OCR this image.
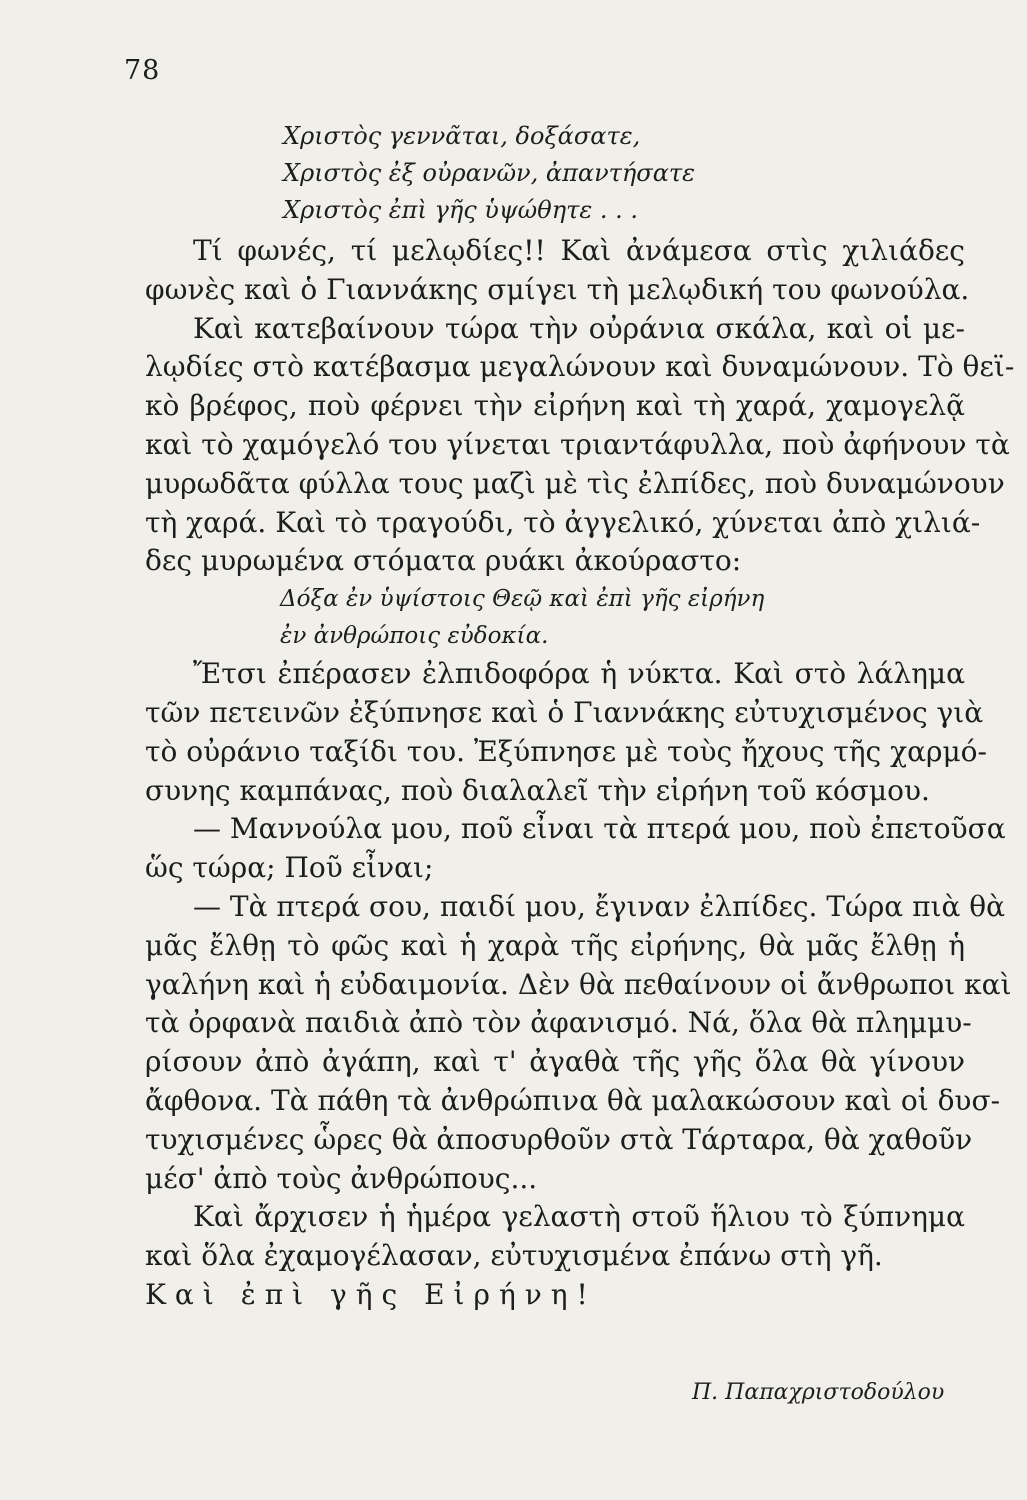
78
Χριστὸς γεννᾶται, δοξάσατε,
Χριστὸς ἐξ οὐρανῶν, ἀπαντήσατε
Χριστὸς ἐπὶ γῆς ὑψώθητε . . .
Τί φωνές, τί μελῳδίες!! Καὶ ἀνάμεσα στὶς χιλιάδες
φωνὲς καὶ ὁ Γιαννάκης σμίγει τὴ μελῳδική του φωνούλα.
Καὶ κατεβαίνουν τώρα τὴν οὐράνια σκάλα, καὶ οἱ με-
λῳδίες στὸ κατέβασμα μεγαλώνουν καὶ δυναμώνουν. Τὸ θεϊ-
κὸ βρέφος, ποὺ φέρνει τὴν εἰρήνη καὶ τὴ χαρά, χαμογελᾷ
καὶ τὸ χαμόγελό του γίνεται τριαντάφυλλα, ποὺ ἀφήνουν τὰ
μυρωδᾶτα φύλλα τους μαζὶ μὲ τὶς ἐλπίδες, ποὺ δυναμώνουν
τὴ χαρά. Καὶ τὸ τραγούδι, τὸ ἀγγελικό, χύνεται ἀπὸ χιλιά-
δες μυρωμένα στόματα ρυάκι ἀκούραστο:
Δόξα ἐν ὑψίστοις Θεῷ καὶ ἐπὶ γῆς εἰρήνη
ἐν ἀνθρώποις εὐδοκία.
Ἔτσι ἐπέρασεν ἐλπιδοφόρα ἡ νύκτα. Καὶ στὸ λάλημα
τῶν πετεινῶν ἐξύπνησε καὶ ὁ Γιαννάκης εὐτυχισμένος γιὰ
τὸ οὐράνιο ταξίδι του. Ἐξύπνησε μὲ τοὺς ἤχους τῆς χαρμό-
συνης καμπάνας, ποὺ διαλαλεῖ τὴν εἰρήνη τοῦ κόσμου.
— Μαννούλα μου, ποῦ εἶναι τὰ πτερά μου, ποὺ ἐπετοῦσα
ὥς τώρα; Ποῦ εἶναι;
— Τὰ πτερά σου, παιδί μου, ἔγιναν ἐλπίδες. Τώρα πιὰ θὰ
μᾶς ἔλθῃ τὸ φῶς καὶ ἡ χαρὰ τῆς εἰρήνης, θὰ μᾶς ἔλθῃ ἡ
γαλήνη καὶ ἡ εὐδαιμονία. Δὲν θὰ πεθαίνουν οἱ ἄνθρωποι καὶ
τὰ ὀρφανὰ παιδιὰ ἀπὸ τὸν ἀφανισμό. Νά, ὅλα θὰ πλημμυ-
ρίσουν ἀπὸ ἀγάπη, καὶ τ' ἀγαθὰ τῆς γῆς ὅλα θὰ γίνουν
ἄφθονα. Τὰ πάθη τὰ ἀνθρώπινα θὰ μαλακώσουν καὶ οἱ δυσ-
τυχισμένες ὧρες θὰ ἀποσυρθοῦν στὰ Τάρταρα, θὰ χαθοῦν
μέσ' ἀπὸ τοὺς ἀνθρώπους...
Καὶ ἄρχισεν ἡ ἡμέρα γελαστὴ στοῦ ἥλιου τὸ ξύπνημα
καὶ ὅλα ἐχαμογέλασαν, εὐτυχισμένα ἐπάνω στὴ γῆ.
Καὶ ἐπὶ γῆς Εἰρήνη!
Π. Παπαχριστοδούλου
